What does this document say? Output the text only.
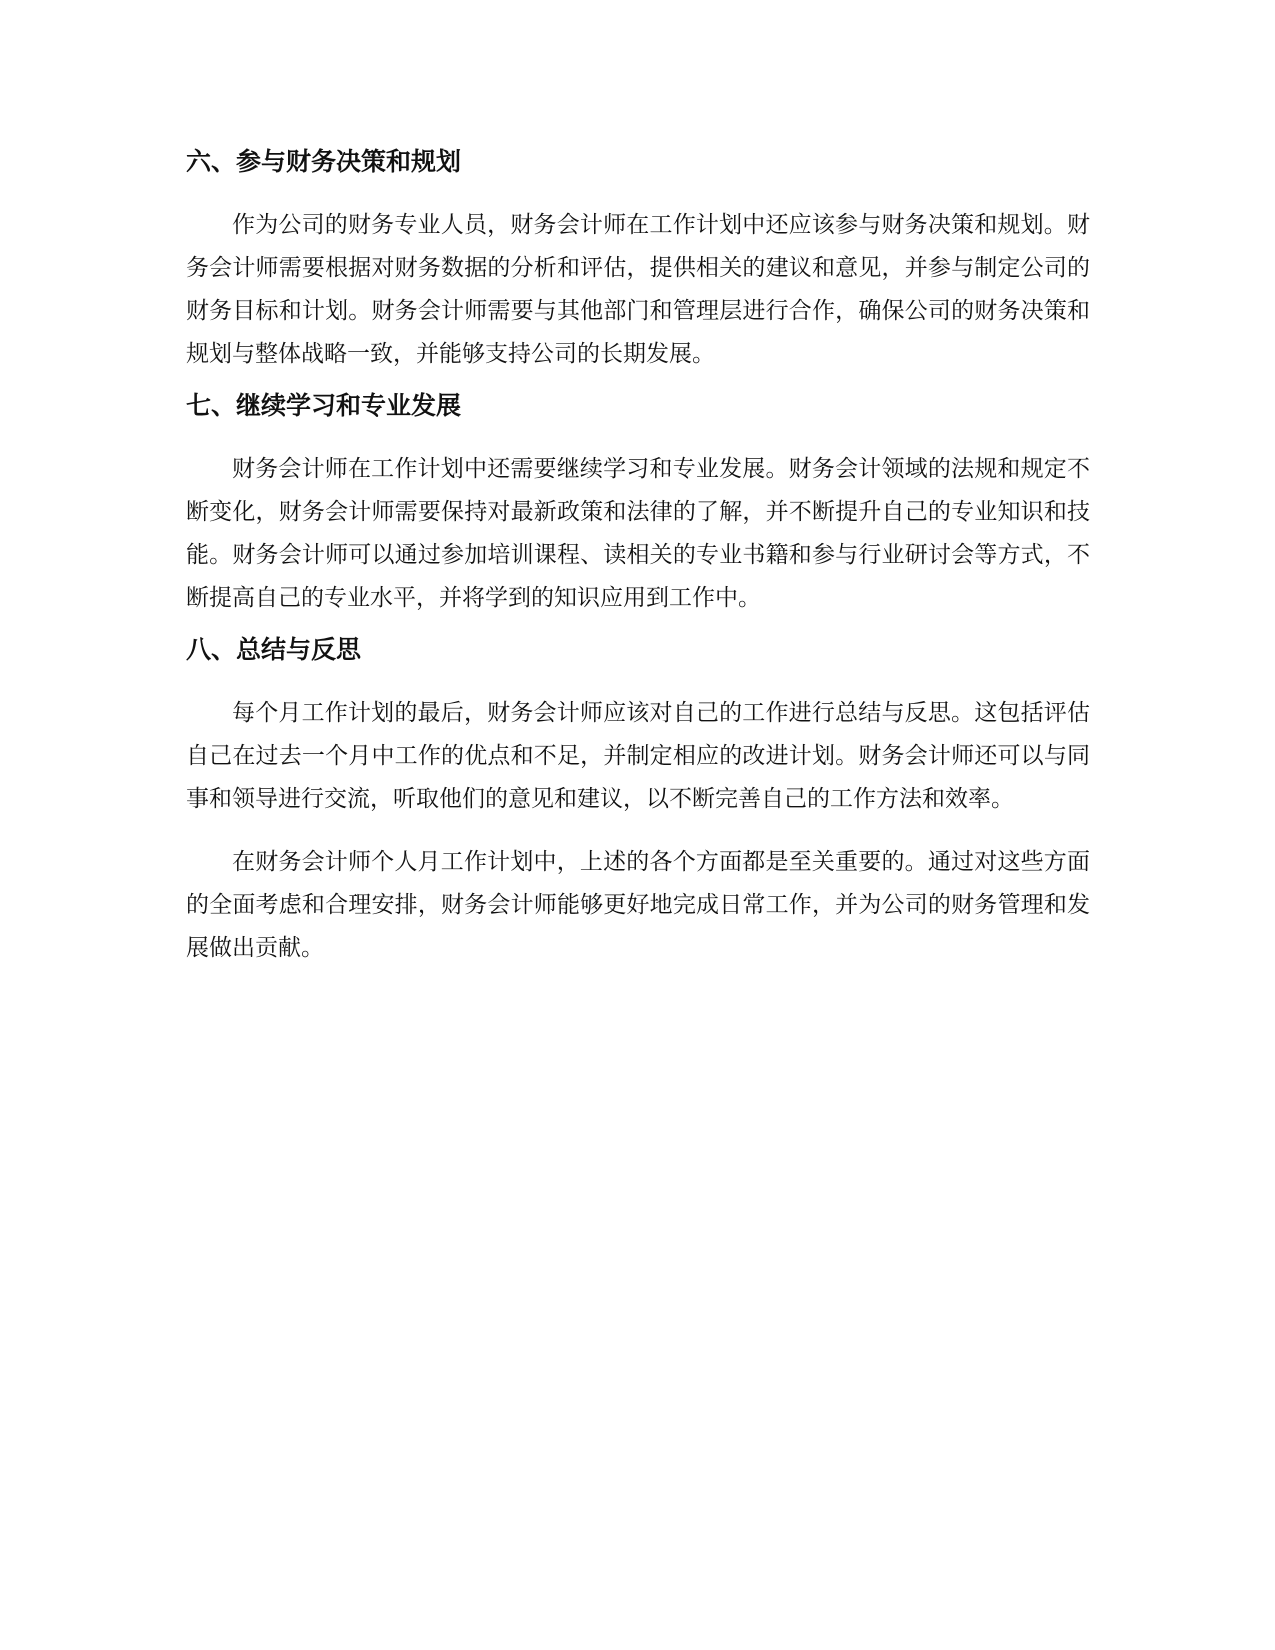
六、参与财务决策和规划

作为公司的财务专业人员，财务会计师在工作计划中还应该参与财务决策和规划。财务会计师需要根据对财务数据的分析和评估，提供相关的建议和意见，并参与制定公司的财务目标和计划。财务会计师需要与其他部门和管理层进行合作，确保公司的财务决策和规划与整体战略一致，并能够支持公司的长期发展。

七、继续学习和专业发展

财务会计师在工作计划中还需要继续学习和专业发展。财务会计领域的法规和规定不断变化，财务会计师需要保持对最新政策和法律的了解，并不断提升自己的专业知识和技能。财务会计师可以通过参加培训课程、读相关的专业书籍和参与行业研讨会等方式，不断提高自己的专业水平，并将学到的知识应用到工作中。

八、总结与反思

每个月工作计划的最后，财务会计师应该对自己的工作进行总结与反思。这包括评估自己在过去一个月中工作的优点和不足，并制定相应的改进计划。财务会计师还可以与同事和领导进行交流，听取他们的意见和建议，以不断完善自己的工作方法和效率。

在财务会计师个人月工作计划中，上述的各个方面都是至关重要的。通过对这些方面的全面考虑和合理安排，财务会计师能够更好地完成日常工作，并为公司的财务管理和发展做出贡献。
